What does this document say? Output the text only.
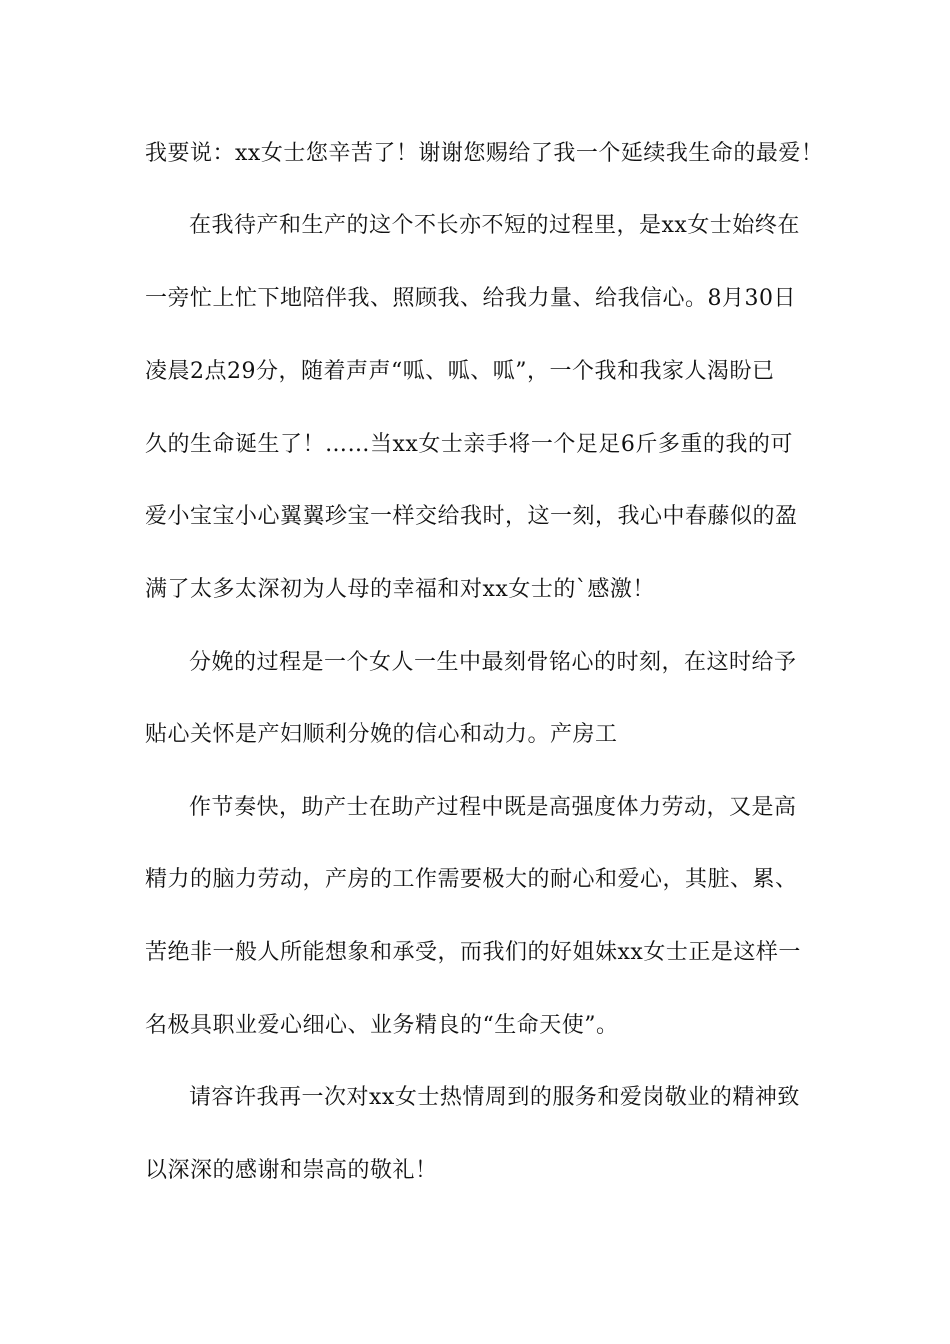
我要说：xx女士您辛苦了！谢谢您赐给了我一个延续我生命的最爱！
在我待产和生产的这个不长亦不短的过程里，是xx女士始终在
一旁忙上忙下地陪伴我、照顾我、给我力量、给我信心。8月30日
凌晨2点29分，随着声声“呱、呱、呱”，一个我和我家人渴盼已
久的生命诞生了！……当xx女士亲手将一个足足6斤多重的我的可
爱小宝宝小心翼翼珍宝一样交给我时，这一刻，我心中春藤似的盈
满了太多太深初为人母的幸福和对xx女士的`感激！
分娩的过程是一个女人一生中最刻骨铭心的时刻，在这时给予
贴心关怀是产妇顺利分娩的信心和动力。产房工
作节奏快，助产士在助产过程中既是高强度体力劳动，又是高
精力的脑力劳动，产房的工作需要极大的耐心和爱心，其脏、累、
苦绝非一般人所能想象和承受，而我们的好姐妹xx女士正是这样一
名极具职业爱心细心、业务精良的“生命天使”。
请容许我再一次对xx女士热情周到的服务和爱岗敬业的精神致
以深深的感谢和崇高的敬礼！
